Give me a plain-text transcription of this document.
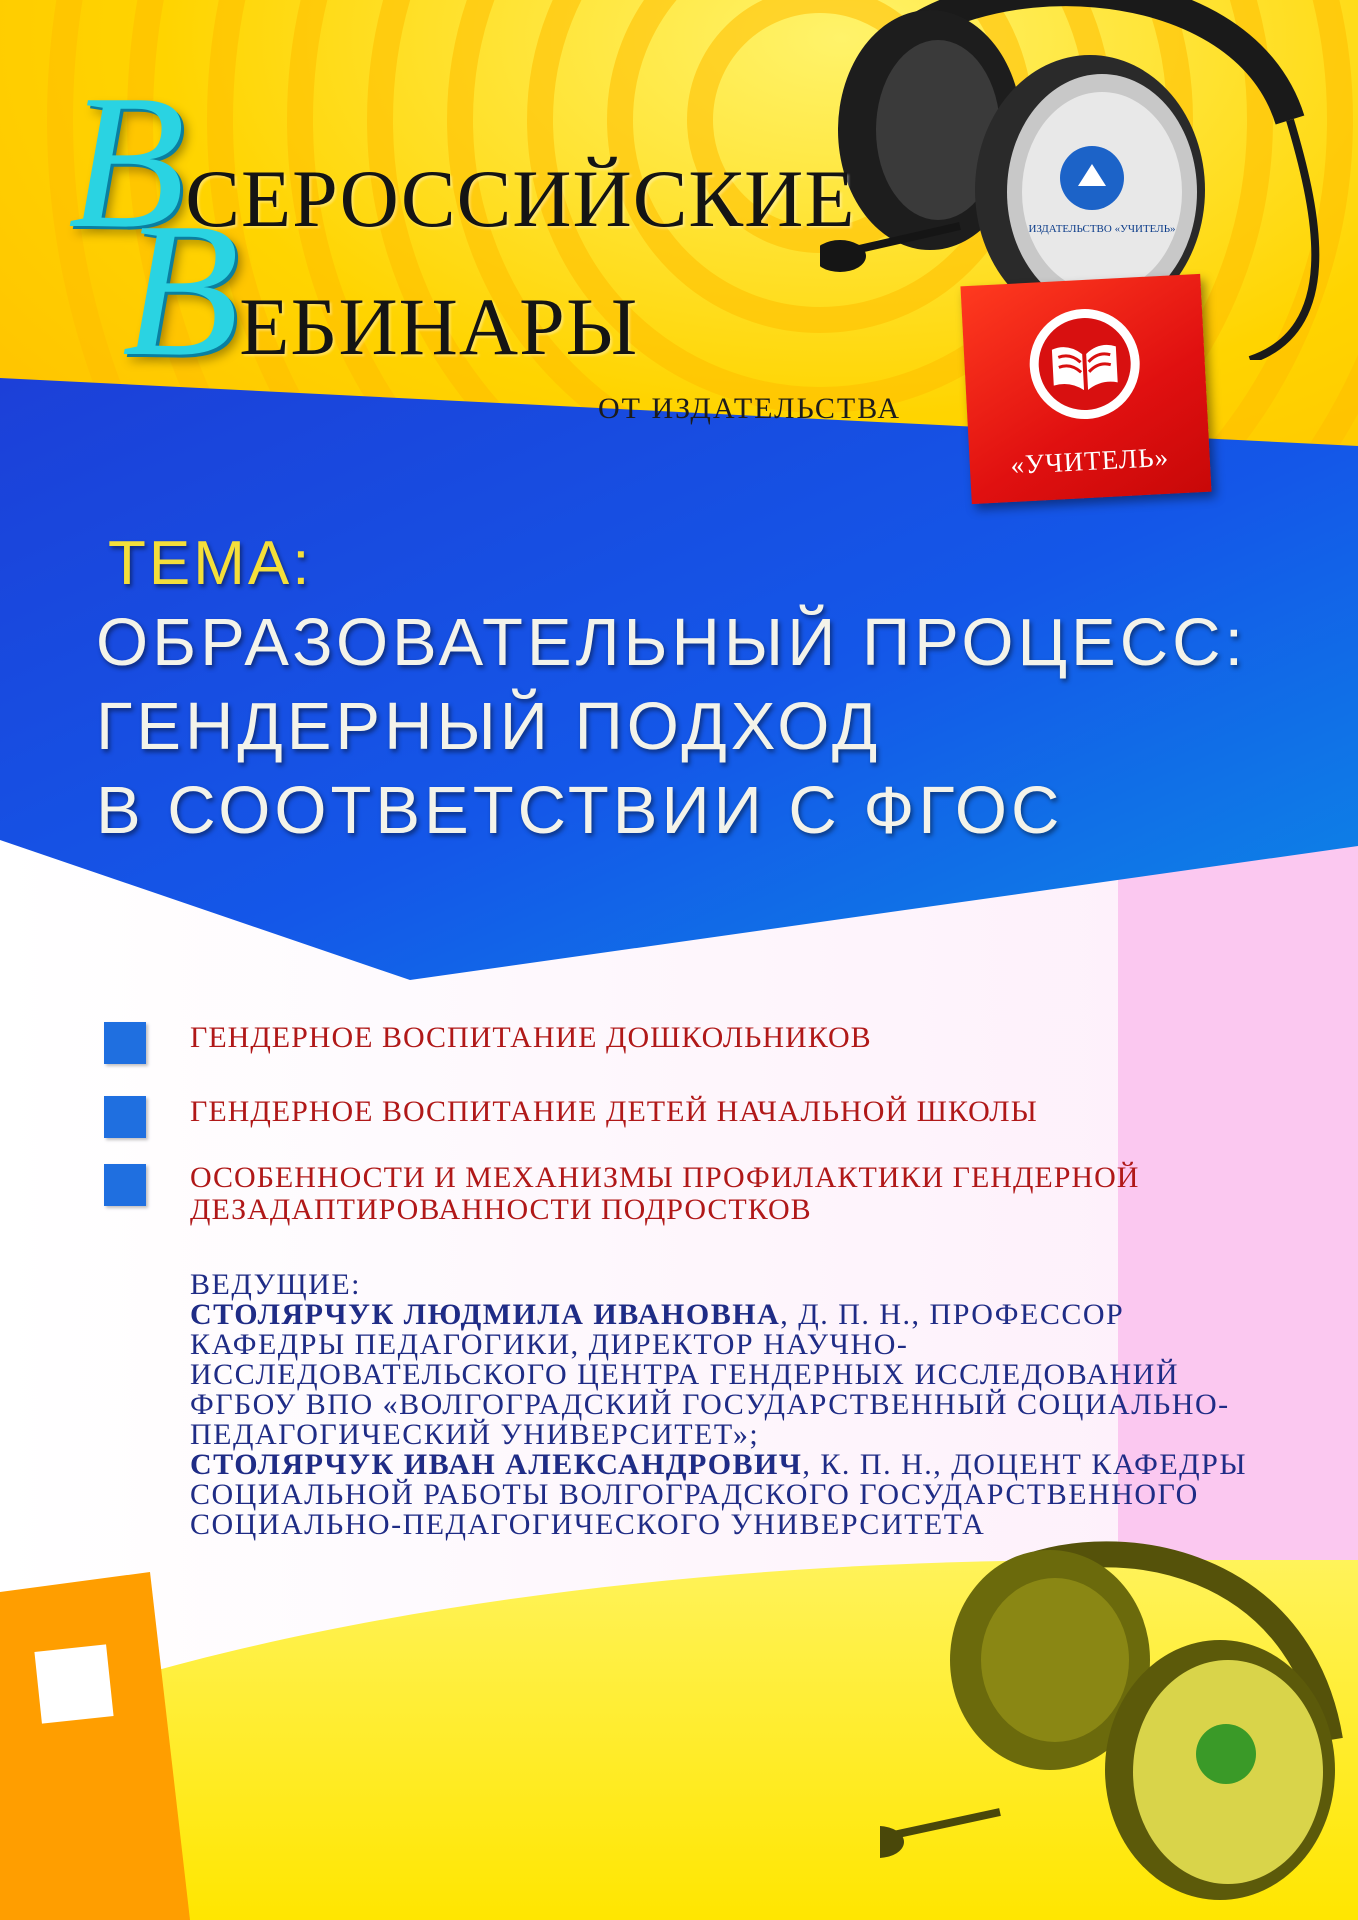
ИЗДАТЕЛЬСТВО «УЧИТЕЛЬ»
ВСЕРОССИЙСКИЕ
ВЕБИНАРЫ
ОТ ИЗДАТЕЛЬСТВА
«УЧИТЕЛЬ»
ТЕМА:
ОБРАЗОВАТЕЛЬНЫЙ ПРОЦЕСС:
ГЕНДЕРНЫЙ ПОДХОД
В СООТВЕТСТВИИ С ФГОС
ГЕНДЕРНОЕ ВОСПИТАНИЕ ДОШКОЛЬНИКОВ
ГЕНДЕРНОЕ ВОСПИТАНИЕ ДЕТЕЙ НАЧАЛЬНОЙ ШКОЛЫ
ОСОБЕННОСТИ И МЕХАНИЗМЫ ПРОФИЛАКТИКИ ГЕНДЕРНОЙ
ДЕЗАДАПТИРОВАННОСТИ ПОДРОСТКОВ
ВЕДУЩИЕ:
СТОЛЯРЧУК ЛЮДМИЛА ИВАНОВНА, Д. П. Н., ПРОФЕССОР
КАФЕДРЫ ПЕДАГОГИКИ, ДИРЕКТОР НАУЧНО-
ИССЛЕДОВАТЕЛЬСКОГО ЦЕНТРА ГЕНДЕРНЫХ ИССЛЕДОВАНИЙ
ФГБОУ ВПО «ВОЛГОГРАДСКИЙ ГОСУДАРСТВЕННЫЙ СОЦИАЛЬНО-
ПЕДАГОГИЧЕСКИЙ УНИВЕРСИТЕТ»;
СТОЛЯРЧУК ИВАН АЛЕКСАНДРОВИЧ, К. П. Н., ДОЦЕНТ КАФЕДРЫ
СОЦИАЛЬНОЙ РАБОТЫ ВОЛГОГРАДСКОГО ГОСУДАРСТВЕННОГО
СОЦИАЛЬНО-ПЕДАГОГИЧЕСКОГО УНИВЕРСИТЕТА
